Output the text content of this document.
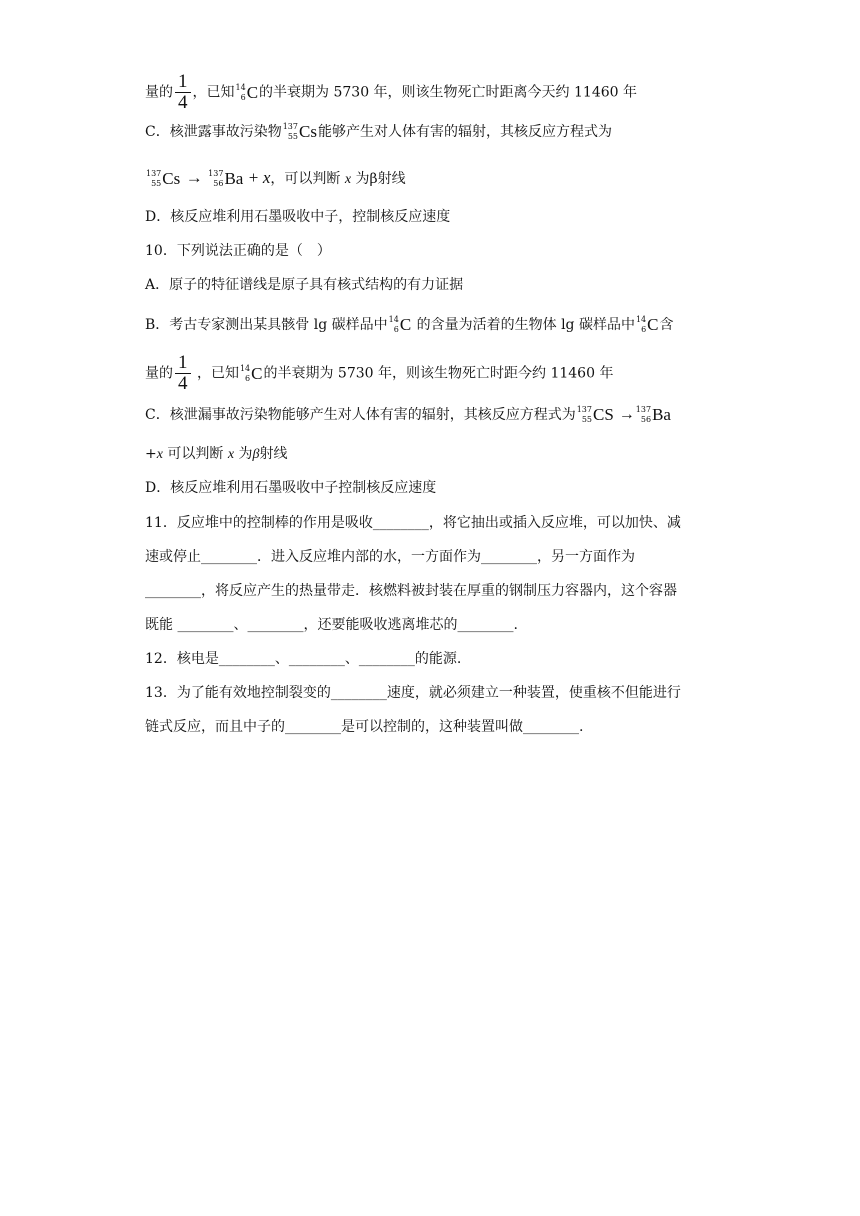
量的 $\frac{1}{4}$ ，已知 14
6 C 的半衰期为 5730 年，则该生物死亡时距离今天约 11460 年
C．核泄露事故污染物 137
55 Cs 能够产生对人体有害的辐射，其核反应方程式为
137
55 Cs → 137
56 Ba + x，可以判断 x 为β射线
D．核反应堆利用石墨吸收中子，控制核反应速度
10．下列说法正确的是（　）
A．原子的特征谱线是原子具有核式结构的有力证据
B．考古专家测出某具骸骨 lg 碳样品中 14
6 C 的含量为活着的生物体 lg 碳样品中 14
6 C 含
量的 $\frac{1}{4}$ ，已知 14
6 C 的半衰期为 5730 年，则该生物死亡时距今约 11460 年
C．核泄漏事故污染物能够产生对人体有害的辐射，其核反应方程式为 137
55 CS → 137
56 Ba
+x 可以判断 x 为β射线
D．核反应堆利用石墨吸收中子控制核反应速度
11．反应堆中的控制棒的作用是吸收________，将它抽出或插入反应堆，可以加快、减
速或停止________．进入反应堆内部的水，一方面作为________，另一方面作为
________，将反应产生的热量带走．核燃料被封装在厚重的钢制压力容器内，这个容器
既能 ________、________，还要能吸收逃离堆芯的________.
12．核电是________、________、________的能源.
13．为了能有效地控制裂变的________速度，就必须建立一种装置，使重核不但能进行
链式反应，而且中子的________是可以控制的，这种装置叫做________.
